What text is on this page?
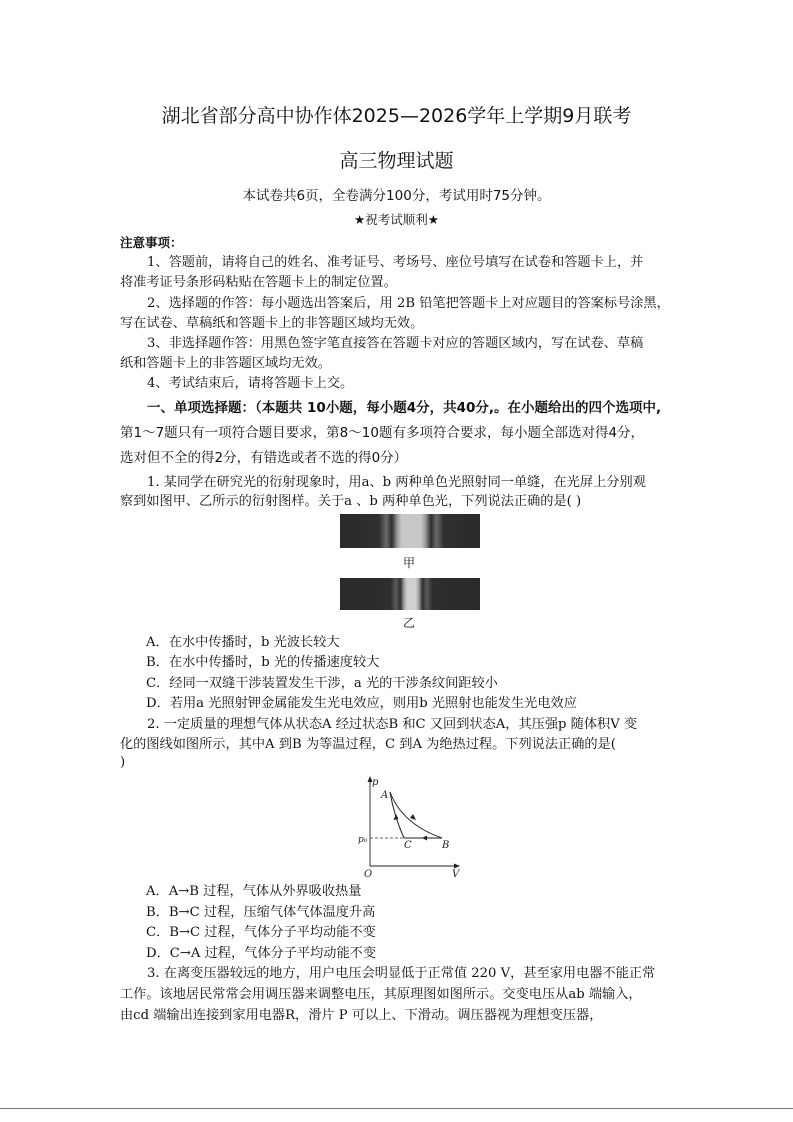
湖北省部分高中协作体2025—2026学年上学期9月联考
高三物理试题
本试卷共6页，全卷满分100分，考试用时75分钟。
★祝考试顺利★
注意事项：
1、答题前，请将自己的姓名、准考证号、考场号、座位号填写在试卷和答题卡上，并
将准考证号条形码粘贴在答题卡上的制定位置。
2、选择题的作答：每小题选出答案后，用 2B 铅笔把答题卡上对应题目的答案标号涂黑，
写在试卷、草稿纸和答题卡上的非答题区域均无效。
3、非选择题作答：用黑色签字笔直接答在答题卡对应的答题区域内，写在试卷、草稿
纸和答题卡上的非答题区域均无效。
4、考试结束后，请将答题卡上交。
一、单项选择题：（本题共 10小题，每小题4分，共40分,。在小题给出的四个选项中,
第1～7题只有一项符合题目要求，第8～10题有多项符合要求，每小题全部选对得4分，
选对但不全的得2分，有错选或者不选的得0分）
1. 某同学在研究光的衍射现象时，用a、b 两种单色光照射同一单缝，在光屏上分别观
察到如图甲、乙所示的衍射图样。关于a 、b 两种单色光，下列说法正确的是( )
甲
乙
A．在水中传播时，b 光波长较大
B．在水中传播时，b 光的传播速度较大
C．经同一双缝干涉装置发生干涉，a 光的干涉条纹间距较小
D．若用a 光照射钾金属能发生光电效应，则用b 光照射也能发生光电效应
2. 一定质量的理想气体从状态A 经过状态B 和C 又回到状态A，其压强p 随体积V 变
化的图线如图所示，其中A 到B 为等温过程，C 到A 为绝热过程。下列说法正确的是(
)
p
A
B
C
p₀
O	V
A．A→B 过程，气体从外界吸收热量
B．B→C 过程，压缩气体气体温度升高
C．B→C 过程，气体分子平均动能不变
D．C→A 过程，气体分子平均动能不变
3. 在离变压器较远的地方，用户电压会明显低于正常值 220 V，甚至家用电器不能正常
工作。该地居民常常会用调压器来调整电压，其原理图如图所示。交变电压从ab 端输入，
由cd 端输出连接到家用电器R，滑片 P 可以上、下滑动。调压器视为理想变压器，
